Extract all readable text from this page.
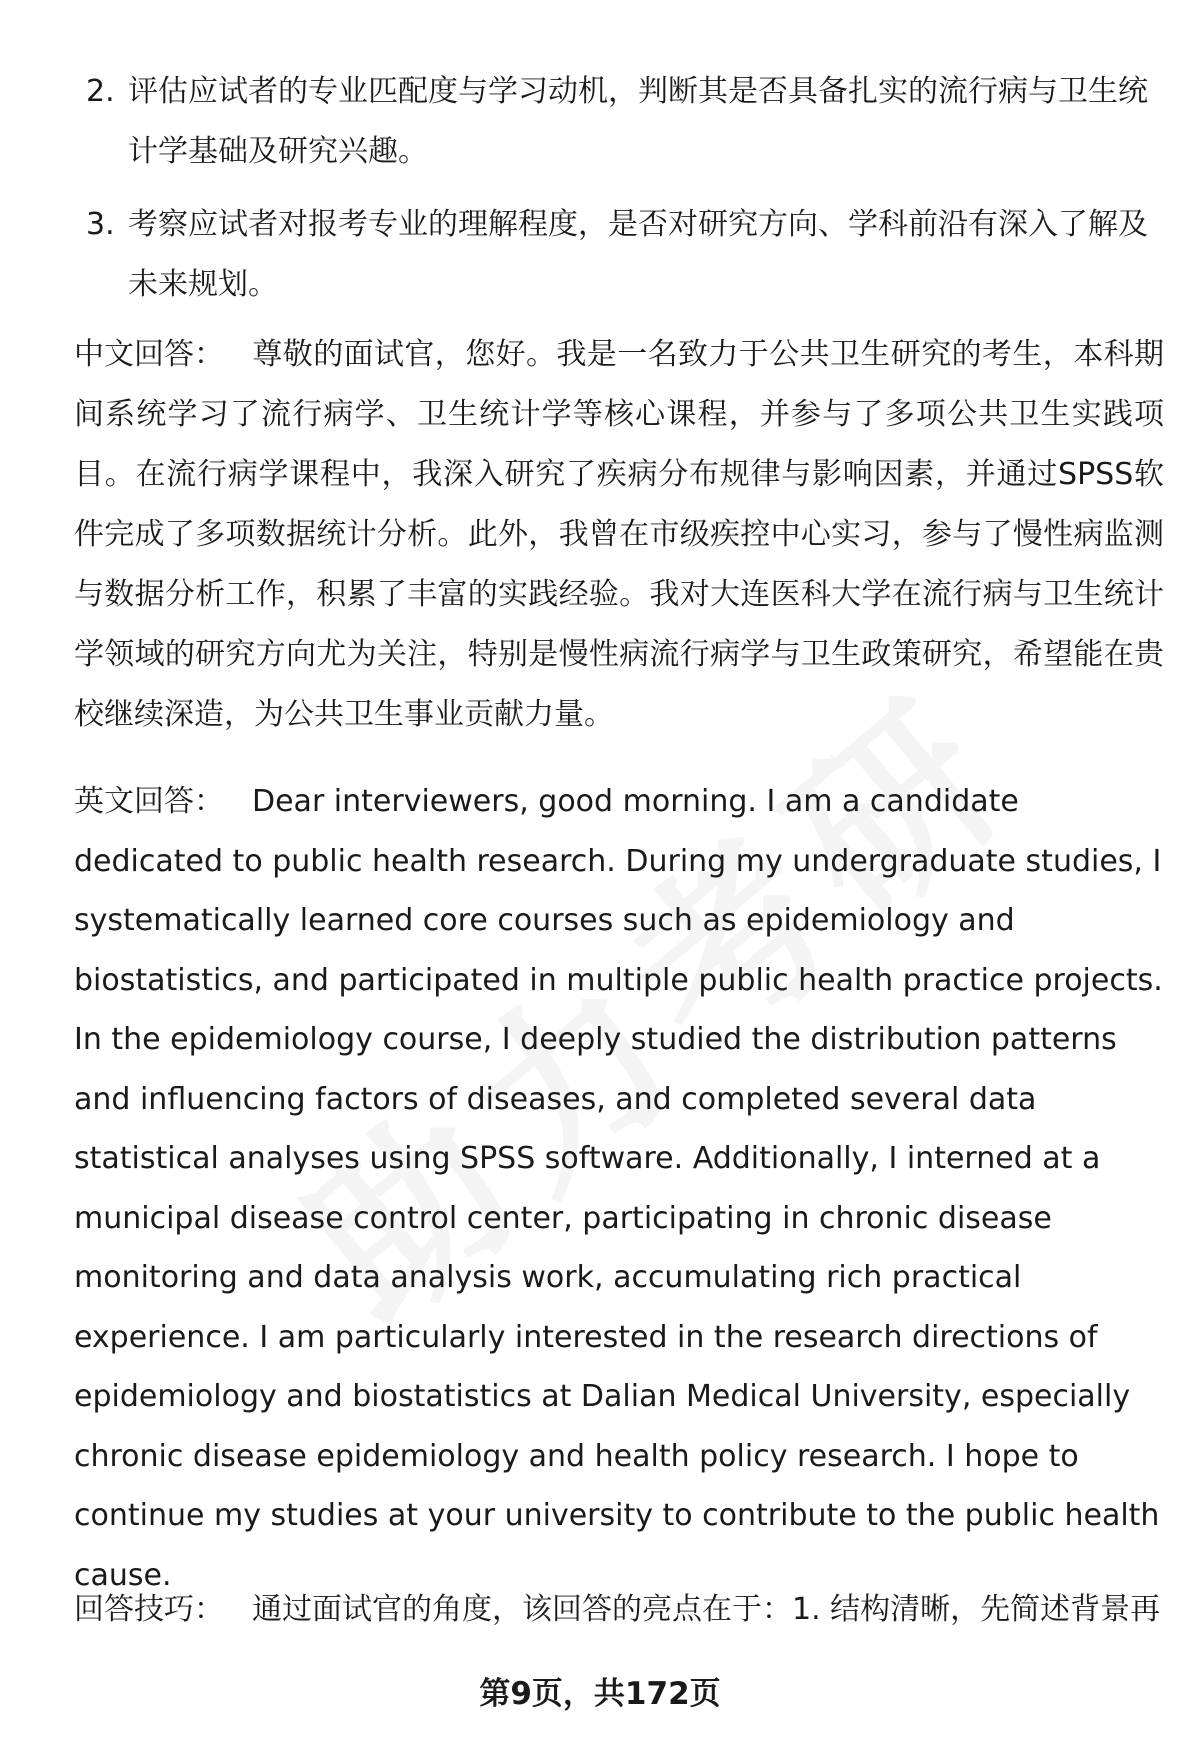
2. 评估应试者的专业匹配度与学习动机，判断其是否具备扎实的流行病与卫生统计学基础及研究兴趣。
3. 考察应试者对报考专业的理解程度，是否对研究方向、学科前沿有深入了解及未来规划。
中文回答： 尊敬的面试官，您好。我是一名致力于公共卫生研究的考生，本科期间系统学习了流行病学、卫生统计学等核心课程，并参与了多项公共卫生实践项目。在流行病学课程中，我深入研究了疾病分布规律与影响因素，并通过SPSS软件完成了多项数据统计分析。此外，我曾在市级疾控中心实习，参与了慢性病监测与数据分析工作，积累了丰富的实践经验。我对大连医科大学在流行病与卫生统计学领域的研究方向尤为关注，特别是慢性病流行病学与卫生政策研究，希望能在贵校继续深造，为公共卫生事业贡献力量。
英文回答： Dear interviewers, good morning. I am a candidate dedicated to public health research. During my undergraduate studies, I systematically learned core courses such as epidemiology and biostatistics, and participated in multiple public health practice projects. In the epidemiology course, I deeply studied the distribution patterns and influencing factors of diseases, and completed several data statistical analyses using SPSS software. Additionally, I interned at a municipal disease control center, participating in chronic disease monitoring and data analysis work, accumulating rich practical experience. I am particularly interested in the research directions of epidemiology and biostatistics at Dalian Medical University, especially chronic disease epidemiology and health policy research. I hope to continue my studies at your university to contribute to the public health cause.
回答技巧： 通过面试官的角度，该回答的亮点在于：1. 结构清晰，先简述背景再
第9页，共172页
